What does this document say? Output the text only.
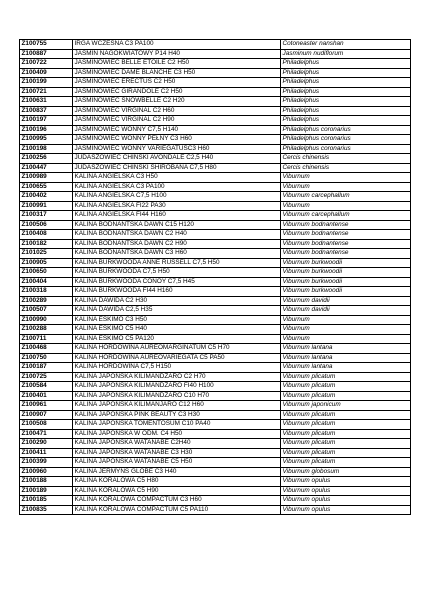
Z100755	IRGA WCZESNA C3 PA100	Cotoneaster nanshan
Z100887	JAŚMIN NAGOKWIATOWY P14 H40	Jasminum nudiflorum
Z100722	JAŚMINOWIEC BELLE ETOILE C2 H50	Philadelphus
Z100409	JAŚMINOWIEC DAME BLANCHE C3 H50	Philadelphus
Z100199	JAŚMINOWIEC ERECTUS C2 H50	Philadelphus
Z100721	JAŚMINOWIEC GIRANDOLE C2 H50	Philadelphus
Z100631	JAŚMINOWIEC SNOWBELLE C2 H20	Philadelphus
Z100837	JAŚMINOWIEC VIRGINAL C2 H60	Philadelphus
Z100197	JAŚMINOWIEC VIRGINAL C2 H90	Philadelphus
Z100196	JAŚMINOWIEC WONNY C7,5 H140	Philadelphus coronarius
Z100995	JAŚMINOWIEC WONNY PEŁNY C3 H60	Philadelphus coronarius
Z100198	JAŚMINOWIEC WONNY VARIEGATUSC3 H60	Philadelphus coronarius
Z100256	JUDASZOWIEC CHIŃSKI AVONDALE C2,5 H40	Cercis chinensis
Z100447	JUDASZOWIEC CHIŃSKI SHIROBANA C7,5 H80	Cercis chinensis
Z100989	KALINA ANGIELSKA C3 H50	Viburnum
Z100655	KALINA ANGIELSKA C3 PA100	Viburnum
Z100402	KALINA ANGIELSKA C7,5 H100	Viburnum carcephallum
Z100991	KALINA ANGIELSKA FI22 PA30	Viburnum
Z100317	KALINA ANGIELSKA FI44 H160	Viburnum carcephallum
Z100506	KALINA BODNANTSKA DAWN C15 H120	Viburnum bodnantense
Z100408	KALINA BODNANTSKA DAWN C2 H40	Viburnum bodnantense
Z100182	KALINA BODNANTSKA DAWN C2 H90	Viburnum bodnantense
Z101025	KALINA BODNANTSKA DAWN C3 H60	Viburnum bodnantense
Z100905	KALINA BURKWOODA ANNE RUSSELL C7,5 H50	Viburnum burkwoodii
Z100650	KALINA BURKWOODA C7,5 H50	Viburnum burkwoodii
Z100404	KALINA BURKWOODA CONOY C7,5 H45	Viburnum burkwoodii
Z100318	KALINA BURKWOODA FI44 H160	Viburnum burkwoodii
Z100289	KALINA DAWIDA C2 H30	Viburnum davidii
Z100507	KALINA DAWIDA C2,5 H35	Viburnum davidii
Z100990	KALINA ESKIMO C3 H50	Viburnum
Z100288	KALINA ESKIMO C5 H40	Viburnum
Z100711	KALINA ESKIMO C5 PA120	Viburnum
Z100468	KALINA HORDOWINA AUREOMARGINATUM C5 H70	Viburnum lantana
Z100750	KALINA HORDOWINA AUREOVARIEGATA C5 PA50	Viburnum lantana
Z100187	KALINA HORDOWINA C7,5 H150	Viburnum lantana
Z100725	KALINA JAPOŃSKA KILIMANDŻARO C2 H70	Viburnum plicatum
Z100584	KALINA JAPOŃSKA KILIMANDŻARO FI40 H100	Viburnum plicatum
Z100401	KALINA JAPOŃSKA KILIMANDŻARO C10 H70	Viburnum plicatum
Z100961	KALINA JAPOŃSKA KILIMANJARO C12 H60	Viburnum japonicum
Z100907	KALINA JAPOŃSKA PINK BEAUTY C3 H30	Viburnum plicatum
Z100508	KALINA JAPOŃSKA TOMENTOSUM C10 PA40	Viburnum plicatum
Z100471	KALINA JAPOŃSKA W ODM. C4 H50	Viburnum plicatum
Z100290	KALINA JAPOŃSKA WATANABE C2H40	Viburnum plicatum
Z100411	KALINA JAPOŃSKA WATANABE C3 H30	Viburnum plicatum
Z100399	KALINA JAPOŃSKA WATANABE C5 H50	Viburnum plicatum
Z100960	KALINA JERMYNS GLOBE C3 H40	Viburnum globosum
Z100188	KALINA KORALOWA C5 H80	Viburnum opulus
Z100189	KALINA KORALOWA C5 H90	Viburnum opulus
Z100185	KALINA KORALOWA COMPACTUM C3 H60	Viburnum opulus
Z100835	KALINA KORALOWA COMPACTUM C5 PA110	Viburnum opulus
